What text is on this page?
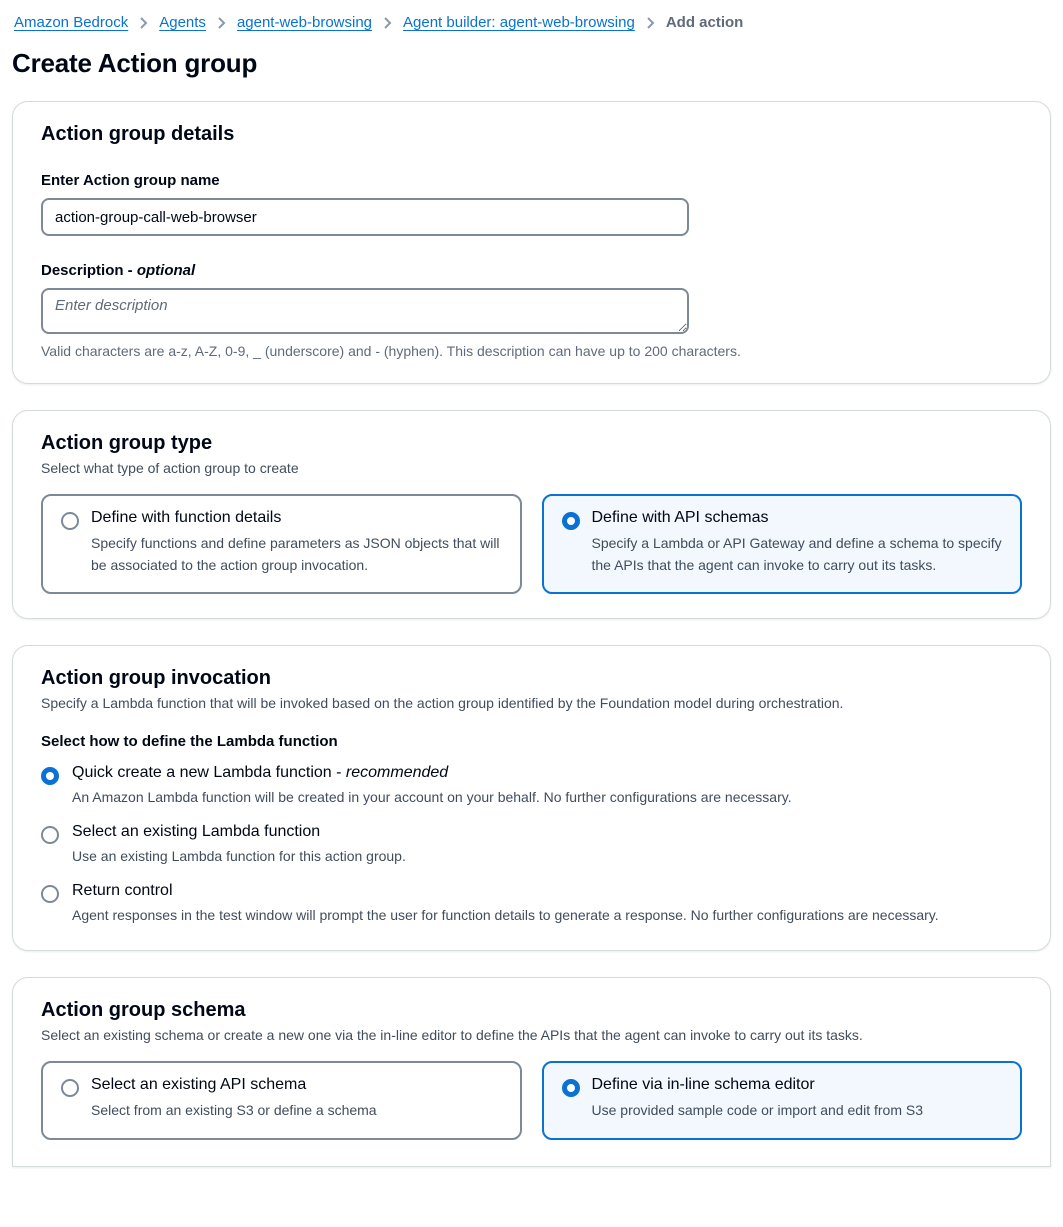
Amazon Bedrock Agents agent-web-browsing Agent builder: agent-web-browsing Add action
Create Action group
Action group details
Enter Action group name
action-group-call-web-browser
Description - optional
Enter description
Valid characters are a-z, A-Z, 0-9, _ (underscore) and - (hyphen). This description can have up to 200 characters.
Action group type
Select what type of action group to create
Define with function details
Specify functions and define parameters as JSON objects that will be associated to the action group invocation.
Define with API schemas
Specify a Lambda or API Gateway and define a schema to specify the APIs that the agent can invoke to carry out its tasks.
Action group invocation
Specify a Lambda function that will be invoked based on the action group identified by the Foundation model during orchestration.
Select how to define the Lambda function
Quick create a new Lambda function - recommended
An Amazon Lambda function will be created in your account on your behalf. No further configurations are necessary.
Select an existing Lambda function
Use an existing Lambda function for this action group.
Return control
Agent responses in the test window will prompt the user for function details to generate a response. No further configurations are necessary.
Action group schema
Select an existing schema or create a new one via the in-line editor to define the APIs that the agent can invoke to carry out its tasks.
Select an existing API schema
Select from an existing S3 or define a schema
Define via in-line schema editor
Use provided sample code or import and edit from S3
